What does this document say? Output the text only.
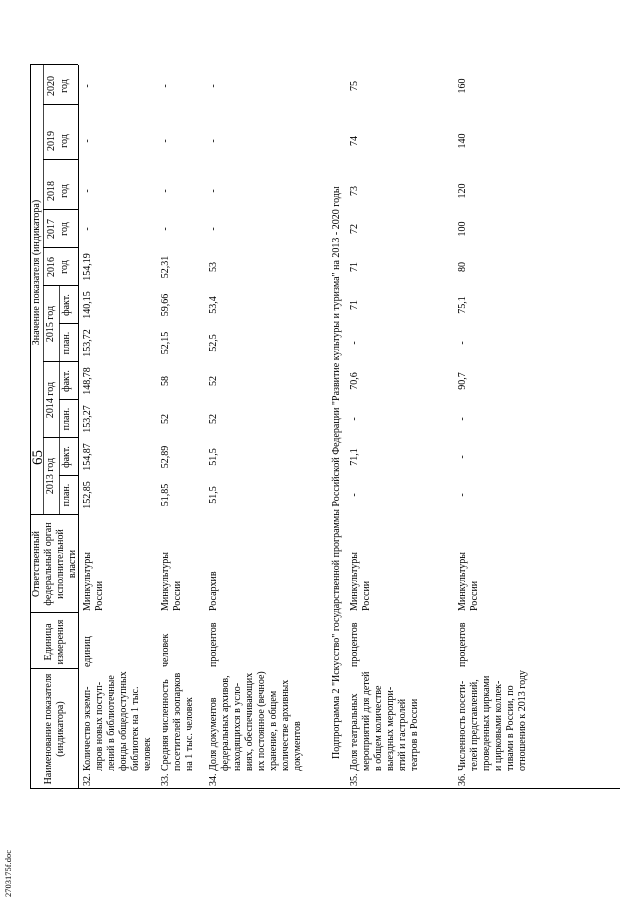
2703175f.doc
65
Наименование показателя (индикатора)
Единица измерения
Ответственный федеральный орган исполнительной власти
Значение показателя (индикатора)
2013 год
2014 год
2015 год
2016 год
2017 год
2018 год
2019 год
2020 год
план.
факт.
план.
факт.
план.
факт.
32.
Количество экземп-ляров новых поступ-лений в библиотечные фонды общедоступных библиотек на 1 тыс. человек
единиц
Минкультуры России
33.
Средняя численность посетителей зоопарков на 1 тыс. человек
человек
Минкультуры России
34.
Доля документов федеральных архивов, находящихся в усло-виях, обеспечивающих их постоянное (вечное) хранение, в общем количестве архивных документов
процентов
Росархив	Подпрограмма 2 "Искусство" государственной программы Российской Федерации "Развитие культуры и туризма" на 2013 - 2020 годы
35.
Доля театральных мероприятий для детей в общем количестве выездных меропри-ятий и гастролей театров в России
процентов
Минкультуры России
36.
Численность посети-телей представлений, проведенных цирками и цирковыми коллек-тивами в России, по отношению к 2013 году
процентов
Минкультуры России
152,85
154,87
153,27
148,78
153,72
140,15
154,19
-
-
-
-
51,85
52,89
52
58
52,15
59,66
52,31
-
-
-
-
51,5
51,5
52
52
52,5
53,4
53
-
-
-
-
-
71,1
-
70,6
-
71
71
72
73
74
75
-
-
-
90,7
-
75,1
80
100
120
140
160
